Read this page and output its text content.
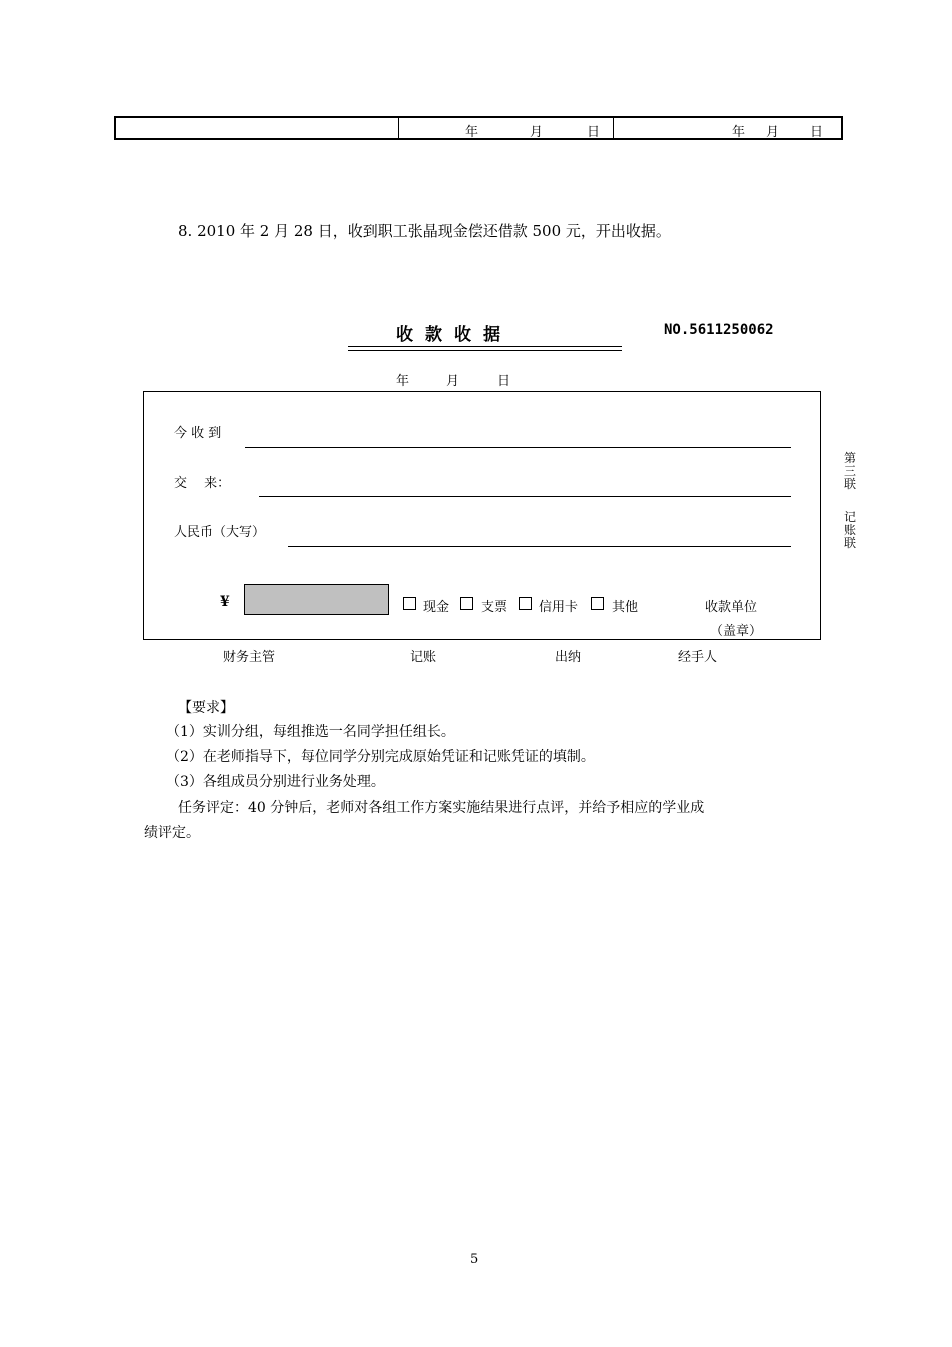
年	月	日	年 月 日
8. 2010 年 2 月 28 日，收到职工张晶现金偿还借款 500 元，开出收据。
收款收据	NO.5611250062
年	月	日
今 收 到
交　 来：
人民币（大写）
¥	现金 支票 信用卡	其他	收款单位
（盖章）
第
三
联
记
账
联
财务主管	记账	出纳	经手人
【要求】
（1）实训分组，每组推选一名同学担任组长。
（2）在老师指导下，每位同学分别完成原始凭证和记账凭证的填制。
（3）各组成员分别进行业务处理。
任务评定：40 分钟后，老师对各组工作方案实施结果进行点评，并给予相应的学业成
绩评定。
5
